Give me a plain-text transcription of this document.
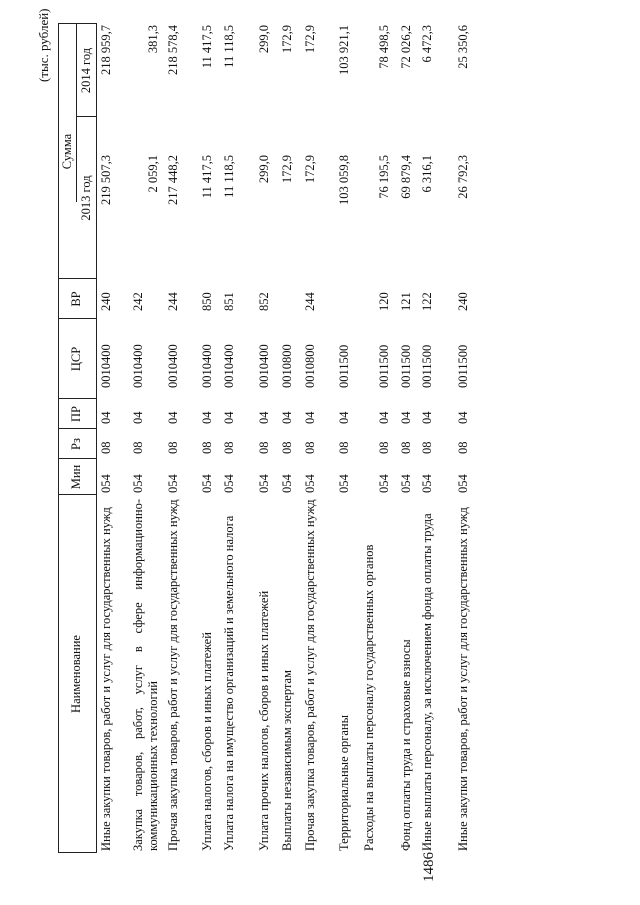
1486
(тыс. рублей)
Наименование
Мин
Рз
ПР
ЦСР
ВР
Сумма
2013 год
2014 год
Иные закупки товаров, работ и услуг для государственных нужд
054
08
04
0010400
240
219 507,3
218 959,7
Закупка товаров, работ, услуг в сфере информационно-коммуникационных технологий
054
08
04
0010400
242
2 059,1
381,3
Прочая закупка товаров, работ и услуг для государственных нужд
054
08
04
0010400
244
217 448,2
218 578,4
Уплата налогов, сборов и иных платежей
054
08
04
0010400
850
11 417,5
11 417,5
Уплата налога на имущество организаций и земельного налога
054
08
04
0010400
851
11 118,5
11 118,5
Уплата прочих налогов, сборов и иных платежей
054
08
04
0010400
852
299,0
299,0
Выплаты независимым экспертам
054
08
04
0010800
172,9
172,9
Прочая закупка товаров, работ и услуг для государственных нужд
054
08
04
0010800
244
172,9
172,9
Территориальные органы
054
08
04
0011500
103 059,8
103 921,1
Расходы на выплаты персоналу государственных органов
054
08
04
0011500
120
76 195,5
78 498,5
Фонд оплаты труда и страховые взносы
054
08
04
0011500
121
69 879,4
72 026,2
Иные выплаты персоналу, за исключением фонда оплаты труда
054
08
04
0011500
122
6 316,1
6 472,3
Иные закупки товаров, работ и услуг для государственных нужд
054
08
04
0011500
240
26 792,3
25 350,6
